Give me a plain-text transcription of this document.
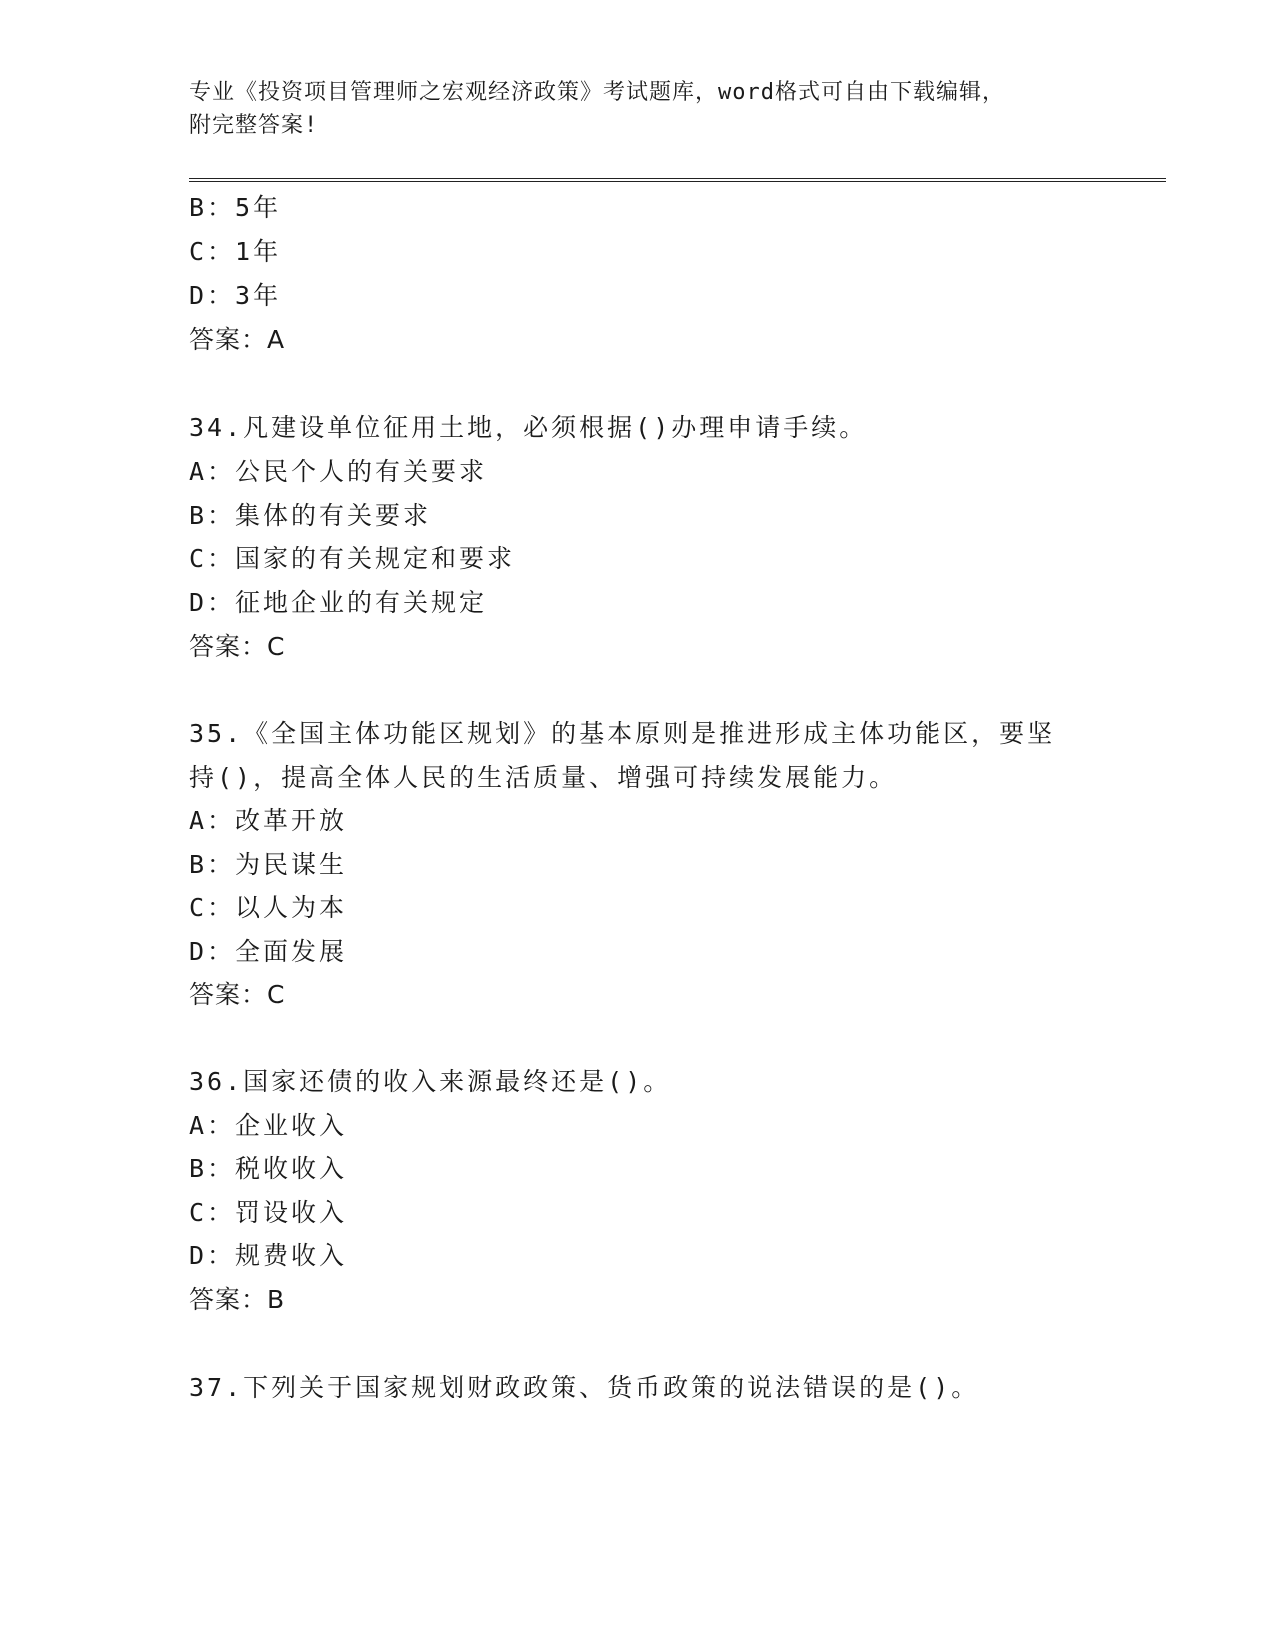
专业《投资项目管理师之宏观经济政策》考试题库，word格式可自由下载编辑，
附完整答案!
B：5年
C：1年
D：3年
答案：A
34.凡建设单位征用土地，必须根据()办理申请手续。
A：公民个人的有关要求
B：集体的有关要求
C：国家的有关规定和要求
D：征地企业的有关规定
答案：C
35.《全国主体功能区规划》的基本原则是推进形成主体功能区，要坚
持()，提高全体人民的生活质量、增强可持续发展能力。
A：改革开放
B：为民谋生
C：以人为本
D：全面发展
答案：C
36.国家还债的收入来源最终还是()。
A：企业收入
B：税收收入
C：罚设收入
D：规费收入
答案：B
37.下列关于国家规划财政政策、货币政策的说法错误的是()。
